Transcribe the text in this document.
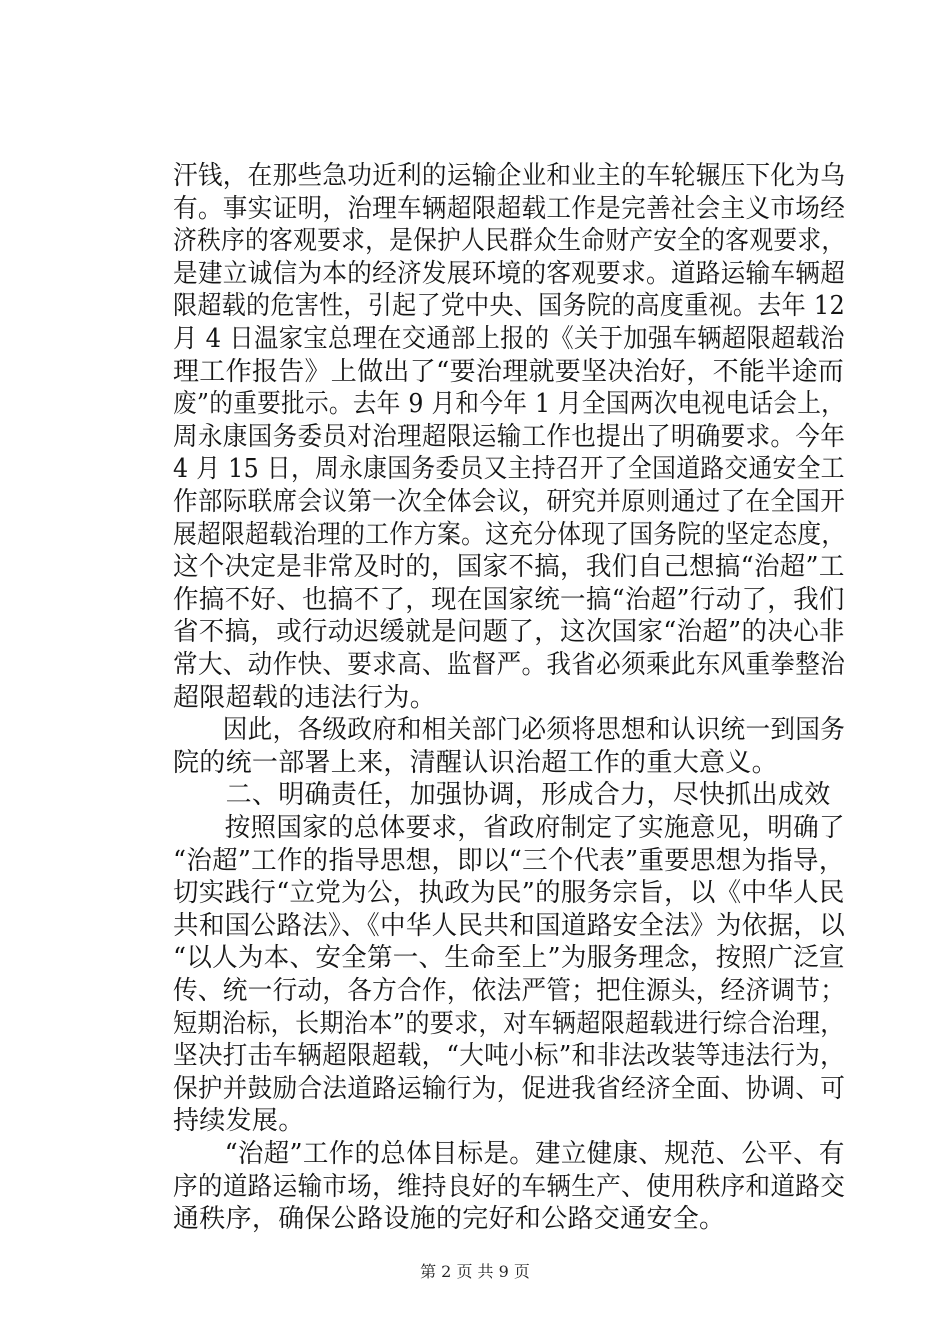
汗钱，在那些急功近利的运输企业和业主的车轮辗压下化为乌
有。事实证明，治理车辆超限超载工作是完善社会主义市场经
济秩序的客观要求，是保护人民群众生命财产安全的客观要求，
是建立诚信为本的经济发展环境的客观要求。道路运输车辆超
限超载的危害性，引起了党中央、国务院的高度重视。去年 12
月 4 日温家宝总理在交通部上报的《关于加强车辆超限超载治
理工作报告》上做出了“要治理就要坚决治好，不能半途而
废”的重要批示。去年 9 月和今年 1 月全国两次电视电话会上，
周永康国务委员对治理超限运输工作也提出了明确要求。今年
4 月 15 日，周永康国务委员又主持召开了全国道路交通安全工
作部际联席会议第一次全体会议，研究并原则通过了在全国开
展超限超载治理的工作方案。这充分体现了国务院的坚定态度，
这个决定是非常及时的，国家不搞，我们自己想搞“治超”工
作搞不好、也搞不了，现在国家统一搞“治超”行动了，我们
省不搞，或行动迟缓就是问题了，这次国家“治超”的决心非
常大、动作快、要求高、监督严。我省必须乘此东风重拳整治
超限超载的违法行为。
　　因此，各级政府和相关部门必须将思想和认识统一到国务
院的统一部署上来，清醒认识治超工作的重大意义。
　　二、明确责任，加强协调，形成合力，尽快抓出成效
　　按照国家的总体要求，省政府制定了实施意见，明确了
“治超”工作的指导思想，即以“三个代表”重要思想为指导，
切实践行“立党为公，执政为民”的服务宗旨，以《中华人民
共和国公路法》、《中华人民共和国道路安全法》为依据，以
“以人为本、安全第一、生命至上”为服务理念，按照广泛宣
传、统一行动，各方合作，依法严管；把住源头，经济调节；
短期治标，长期治本”的要求，对车辆超限超载进行综合治理，
坚决打击车辆超限超载，“大吨小标”和非法改装等违法行为，
保护并鼓励合法道路运输行为，促进我省经济全面、协调、可
持续发展。
　　“治超”工作的总体目标是。建立健康、规范、公平、有
序的道路运输市场，维持良好的车辆生产、使用秩序和道路交
通秩序，确保公路设施的完好和公路交通安全。
第 2 页 共 9 页
